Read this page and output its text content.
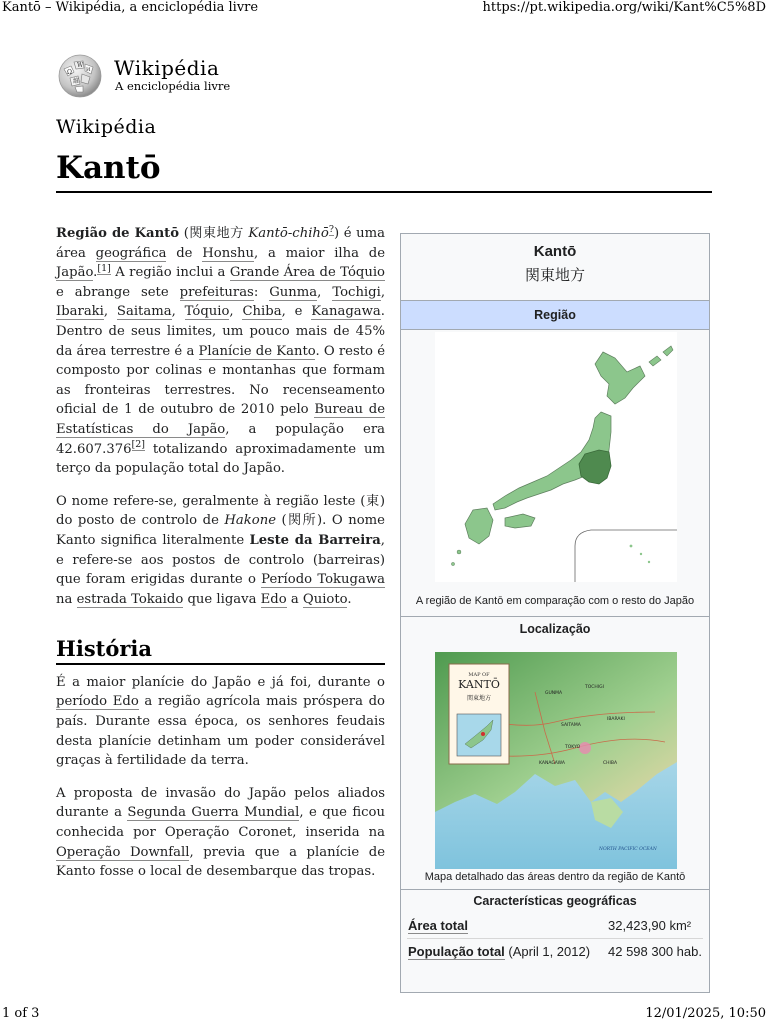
Kantō – Wikipédia, a enciclopédia livre	https://pt.wikipedia.org/wiki/Kant%C5%8D
Ω
W
И
維
Wikipédia
A enciclopédia livre
Wikipédia
Kantō

Região de Kantō (関東地方 Kantō-chihō?) é uma área geográfica de Honshu, a maior ilha de Japão.[1] A região inclui a Grande Área de Tóquio e abrange sete prefeituras: Gunma, Tochigi, Ibaraki, Saitama, Tóquio, Chiba, e Kanagawa. Dentro de seus limites, um pouco mais de 45% da área terrestre é a Planície de Kanto. O resto é composto por colinas e montanhas que formam as fronteiras terrestres. No recenseamento oficial de 1 de outubro de 2010 pelo Bureau de Estatísticas do Japão, a população era 42.607.376[2] totalizando aproximadamente um terço da população total do Japão.

O nome refere-se, geralmente à região leste (東) do posto de controlo de Hakone (関所). O nome Kanto significa literalmente Leste da Barreira, e refere-se aos postos de controlo (barreiras) que foram erigidas durante o Período Tokugawa na estrada Tokaido que ligava Edo a Quioto.

História

É a maior planície do Japão e já foi, durante o período Edo a região agrícola mais próspera do país. Durante essa época, os senhores feudais desta planície detinham um poder considerável graças à fertilidade da terra.

A proposta de invasão do Japão pelos aliados durante a Segunda Guerra Mundial, e que ficou conhecida por Operação Coronet, inserida na Operação Downfall, previa que a planície de Kanto fosse o local de desembarque das tropas.

Kantō
関東地方
Região
A região de Kantō em comparação com o resto do Japão
Localização
MAP OF
KANTŌ
関東地方
GUNMA
TOCHIGI
IBARAKI
SAITAMA
TOKYO
CHIBA
KANAGAWA
NORTH PACIFIC OCEAN
Mapa detalhado das áreas dentro da região de Kantō
Características geográficas
Área total	32,423,90 km²
População total (April 1, 2012)	42 598 300 hab.
1 of 3	12/01/2025, 10:50
